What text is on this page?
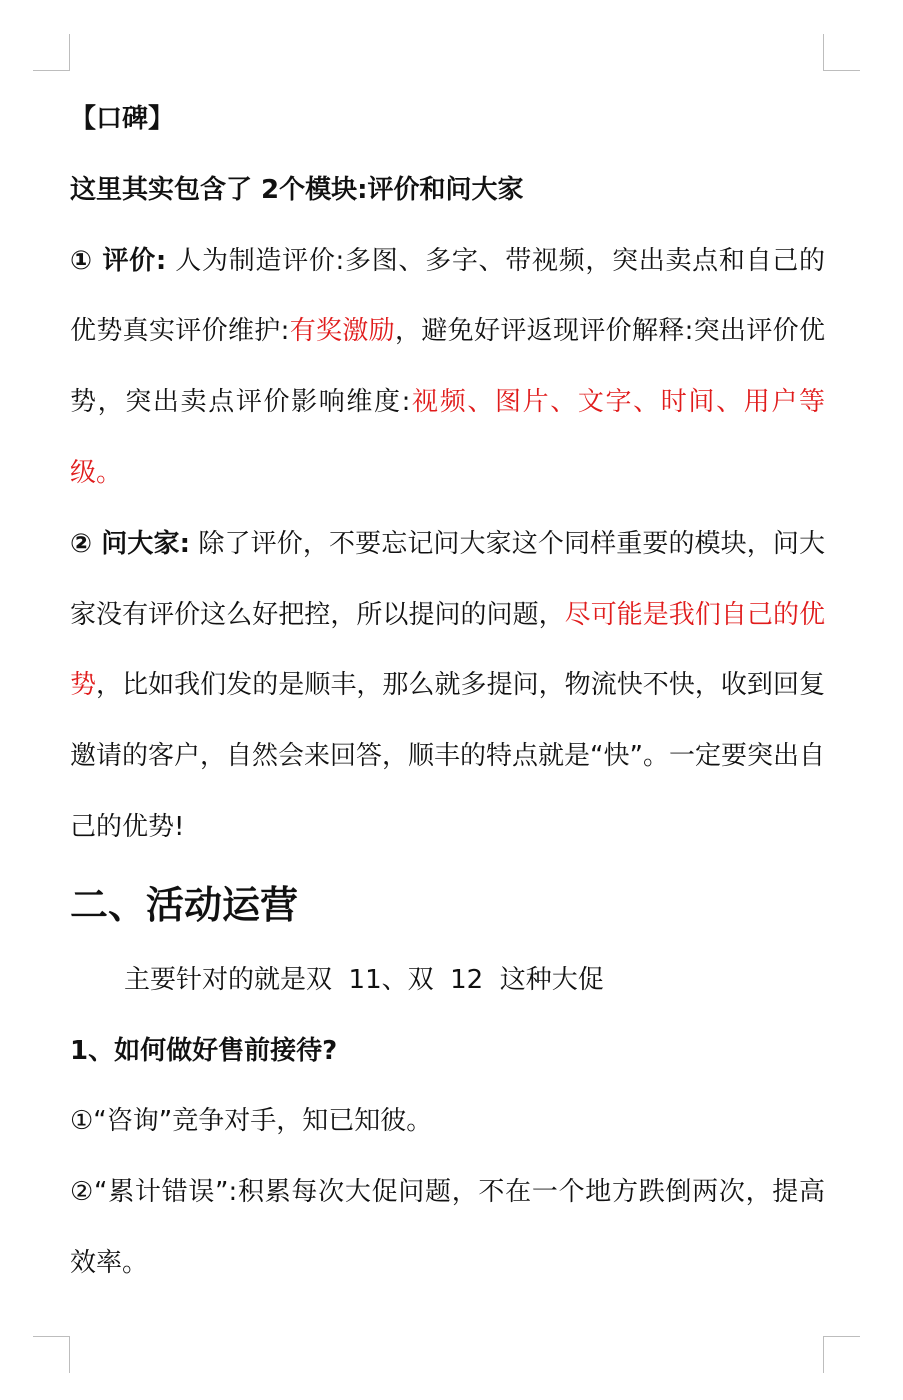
【口碑】

这里其实包含了 2个模块:评价和问大家

① 评价: 人为制造评价:多图、多字、带视频，突出卖点和自己的优势真实评价维护:有奖激励，避免好评返现评价解释:突出评价优势，突出卖点评价影响维度:视频、图片、文字、时间、用户等级。

② 问大家: 除了评价，不要忘记问大家这个同样重要的模块，问大家没有评价这么好把控，所以提问的问题，尽可能是我们自己的优势，比如我们发的是顺丰，那么就多提问，物流快不快，收到回复邀请的客户，自然会来回答，顺丰的特点就是“快”。一定要突出自己的优势!

二、活动运营

主要针对的就是双  11、双  12  这种大促

1、如何做好售前接待?

①“咨询”竞争对手，知已知彼。

②“累计错误”:积累每次大促问题，不在一个地方跌倒两次，提高效率。
